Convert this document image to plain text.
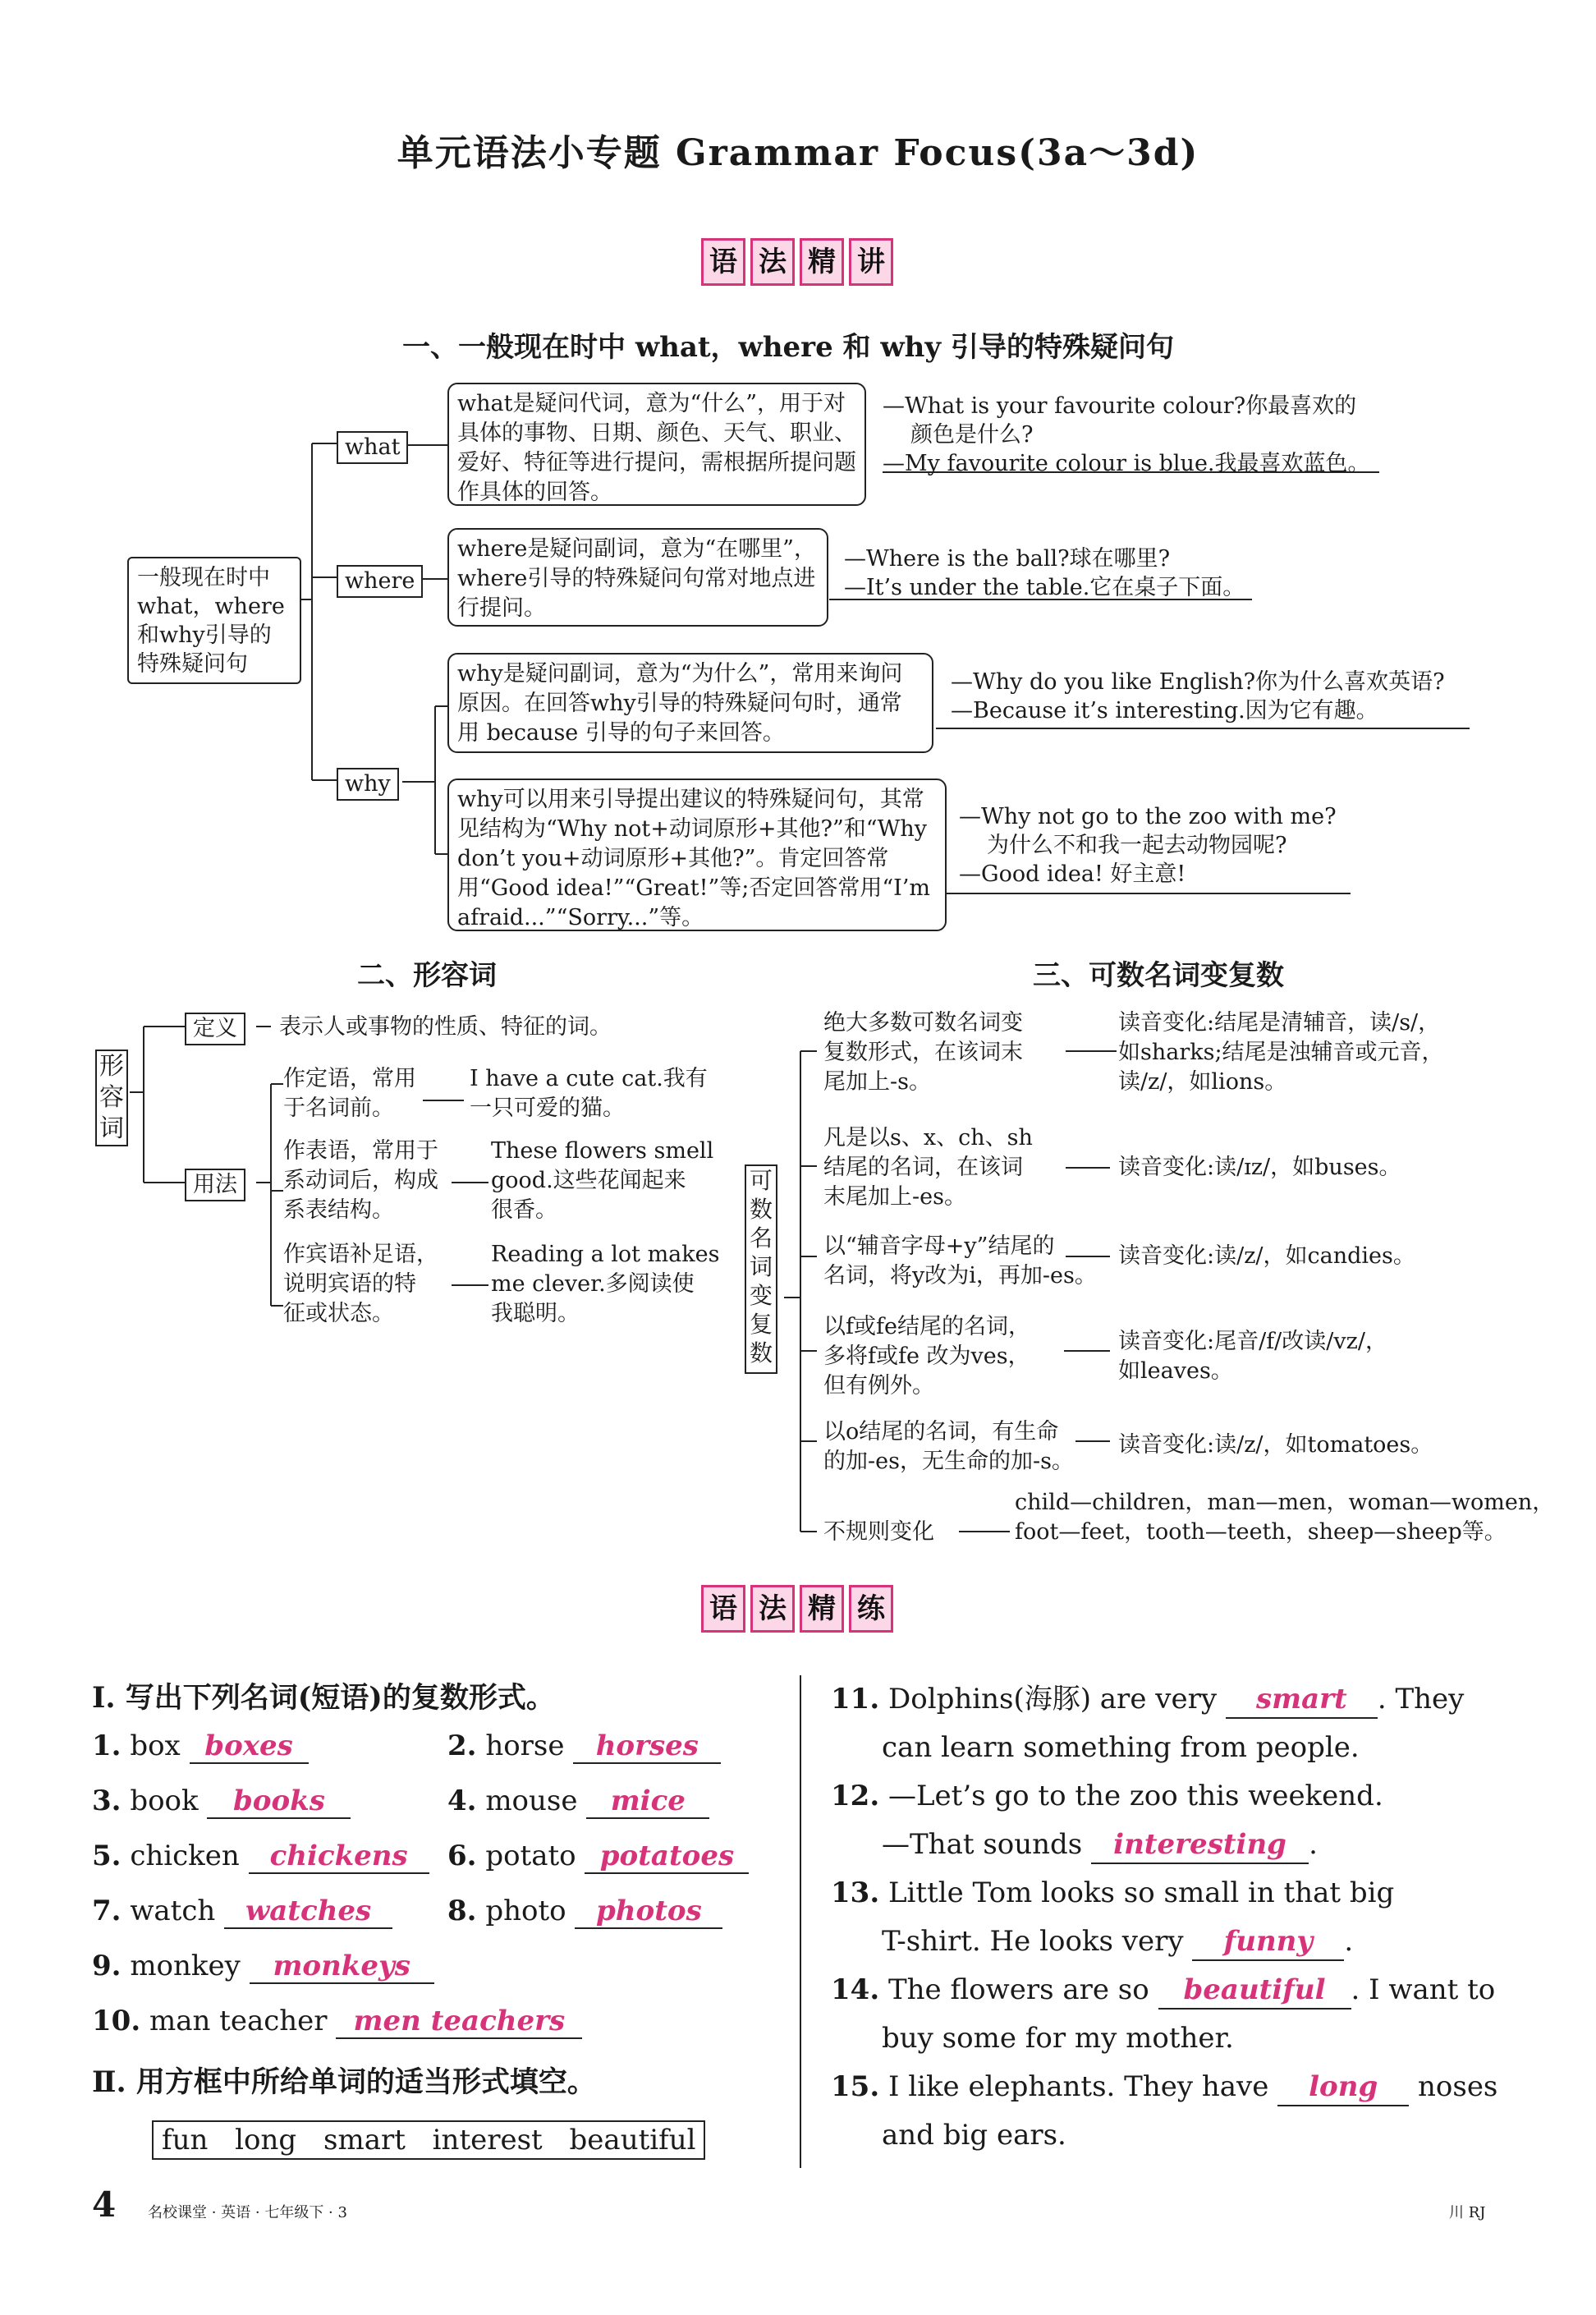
单元语法小专题 Grammar Focus(3a～3d)
语 法 精 讲
一、一般现在时中 what，where 和 why 引导的特殊疑问句
一般现在时中what，where和why引导的特殊疑问句
what
where
why
what是疑问代词，意为“什么”，用于对具体的事物、日期、颜色、天气、职业、爱好、特征等进行提问，需根据所提问题作具体的回答。
—What is your favourite colour?你最喜欢的
颜色是什么?
—My favourite colour is blue.我最喜欢蓝色。
where是疑问副词，意为“在哪里”，where引导的特殊疑问句常对地点进行提问。
—Where is the ball?球在哪里?
—It’s under the table.它在桌子下面。
why是疑问副词，意为“为什么”，常用来询问原因。在回答why引导的特殊疑问句时，通常用 because 引导的句子来回答。
—Why do you like English?你为什么喜欢英语?
—Because it’s interesting.因为它有趣。
why可以用来引导提出建议的特殊疑问句，其常见结构为“Why not+动词原形+其他?”和“Why don’t you+动词原形+其他?”。肯定回答常用“Good idea!”“Great!”等;否定回答常用“I’m afraid...”“Sorry...”等。
—Why not go to the zoo with me?
为什么不和我一起去动物园呢?
—Good idea! 好主意!
二、形容词
形容词
定义	表示人或事物的性质、特征的词。
用法
作定语，常用
于名词前。
I have a cute cat.我有
一只可爱的猫。
作表语，常用于
系动词后，构成
系表结构。
These flowers smell
good.这些花闻起来
很香。
作宾语补足语，
说明宾语的特
征或状态。
Reading a lot makes
me clever.多阅读使
我聪明。
三、可数名词变复数
可数名词变复数
绝大多数可数名词变
复数形式，在该词末
尾加上-s。
读音变化:结尾是清辅音，读/s/，
如sharks;结尾是浊辅音或元音，
读/z/，如lions。
凡是以s、x、ch、sh
结尾的名词，在该词
末尾加上-es。
读音变化:读/ɪz/，如buses。
以“辅音字母+y”结尾的
名词，将y改为i，再加-es。
读音变化:读/z/，如candies。
以f或fe结尾的名词，
多将f或fe 改为ves，
但有例外。
读音变化:尾音/f/改读/vz/，
如leaves。
以o结尾的名词，有生命
的加-es，无生命的加-s。
读音变化:读/z/，如tomatoes。
不规则变化
child—children，man—men，woman—women，
foot—feet，tooth—teeth，sheep—sheep等。
语 法 精 练
Ⅰ. 写出下列名词(短语)的复数形式。
1. box boxes	2. horse horses
3. book books	4. mouse mice
5. chicken chickens	6. potato potatoes
7. watch watches	8. photo photos
9. monkey monkeys
10. man teacher men teachers
Ⅱ. 用方框中所给单词的适当形式填空。
fun long smart interest beautiful
11. Dolphins(海豚) are very smart . They
can learn something from people.
12. —Let’s go to the zoo this weekend.
—That sounds interesting .
13. Little Tom looks so small in that big
T-shirt. He looks very funny .
14. The flowers are so beautiful . I want to
buy some for my mother.
15. I like elephants. They have long noses
and big ears.
4 名校课堂 · 英语 · 七年级下 · 3	川 RJ
